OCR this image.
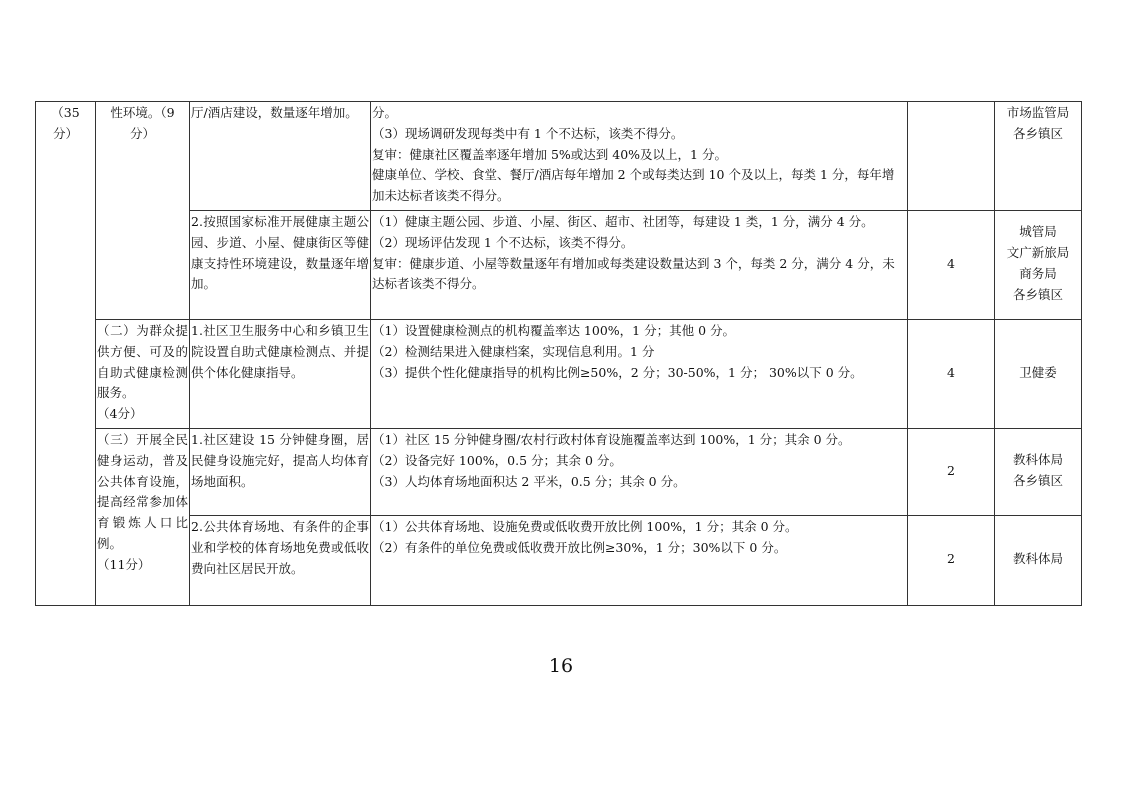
（35
分）	性环境。（9
分）	厅/酒店建设，数量逐年增加。	分。
（3）现场调研发现每类中有 1 个不达标，该类不得分。
复审：健康社区覆盖率逐年增加 5%或达到 40%及以上，1 分。
健康单位、学校、食堂、餐厅/酒店每年增加 2 个或每类达到 10 个及以上，每类 1 分，每年增加未达标者该类不得分。		市场监管局
各乡镇区

		2.按照国家标准开展健康主题公园、步道、小屋、健康街区等健康支持性环境建设，数量逐年增加。	（1）健康主题公园、步道、小屋、街区、超市、社团等，每建设 1 类，1 分，满分 4 分。
（2）现场评估发现 1 个不达标，该类不得分。
复审：健康步道、小屋等数量逐年有增加或每类建设数量达到 3 个，每类 2 分，满分 4 分，未达标者该类不得分。	4	城管局
文广新旅局
商务局
各乡镇区

	（二）为群众提供方便、可及的自助式健康检测服务。
（4分）	1.社区卫生服务中心和乡镇卫生院设置自助式健康检测点、并提供个体化健康指导。	（1）设置健康检测点的机构覆盖率达 100%，1 分；其他 0 分。
（2）检测结果进入健康档案，实现信息利用。1 分
（3）提供个性化健康指导的机构比例≥50%，2 分；30-50%，1 分； 30%以下 0 分。	4	卫健委

	（三）开展全民健身运动，普及公共体育设施，提高经常参加体育锻炼人口比例。
（11分）	1.社区建设 15 分钟健身圈，居民健身设施完好，提高人均体育场地面积。	（1）社区 15 分钟健身圈/农村行政村体育设施覆盖率达到 100%，1 分；其余 0 分。
（2）设备完好 100%，0.5 分；其余 0 分。
（3）人均体育场地面积达 2 平米，0.5 分；其余 0 分。	2	教科体局
各乡镇区

		2.公共体育场地、有条件的企事业和学校的体育场地免费或低收费向社区居民开放。	（1）公共体育场地、设施免费或低收费开放比例 100%，1 分；其余 0 分。
（2）有条件的单位免费或低收费开放比例≥30%，1 分；30%以下 0 分。	2	教科体局
16
